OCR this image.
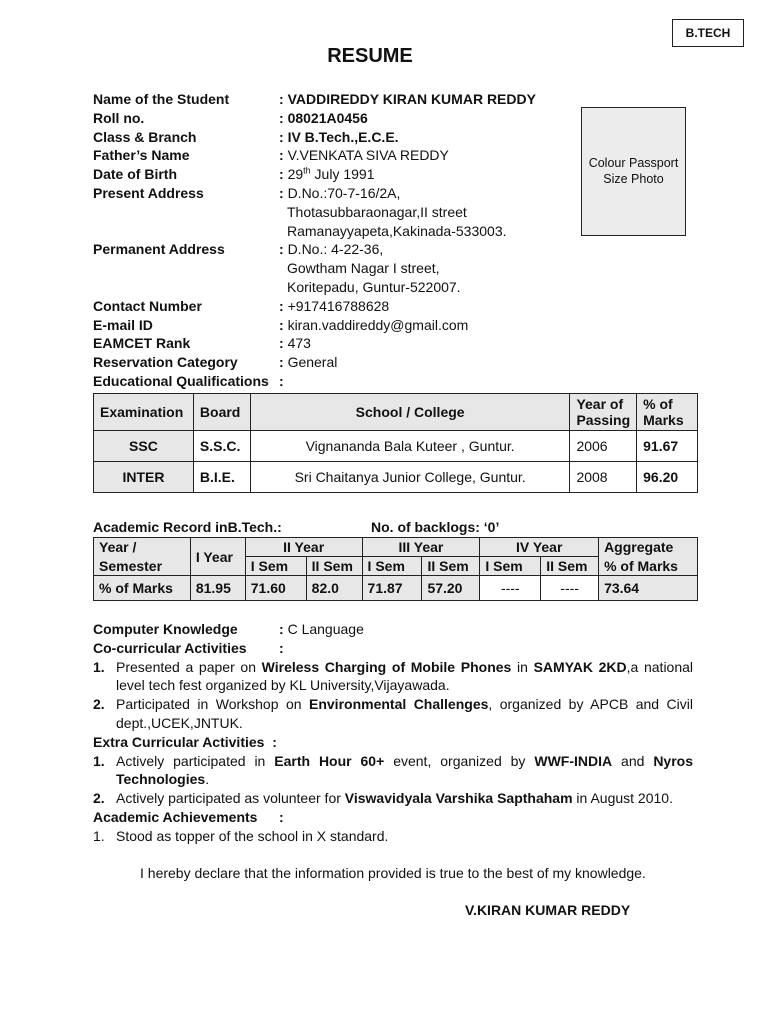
B.TECH
RESUME
Name of the Student	: VADDIREDDY KIRAN KUMAR REDDY
Roll no.	: 08021A0456
Class & Branch	: IV B.Tech.,E.C.E.
Father’s Name	: V.VENKATA SIVA REDDY
Date of Birth	: 29th July 1991
Present Address	: D.No.:70-7-16/2A,
Thotasubbaraonagar,II street
Ramanayyapeta,Kakinada-533003.
Permanent Address	: D.No.: 4-22-36,
Gowtham Nagar I street,
Koritepadu, Guntur-522007.
Contact Number	: +917416788628
E-mail ID	: kiran.vaddireddy@gmail.com
EAMCET Rank	: 473
Reservation Category	: General
Educational Qualifications :
Colour Passport Size Photo
Examination	Board	School / College	Year of Passing	% of Marks
SSC	S.S.C.	Vignananda Bala Kuteer , Guntur.	2006	91.67
INTER	B.I.E.	Sri Chaitanya Junior College, Guntur.	2008	96.20
Academic Record inB.Tech.:	No. of backlogs: ‘0’
Year /	I Year	II Year		III Year		IV Year		Aggregate
Semester		I Sem	II Sem	I Sem	II Sem	I Sem	II Sem	% of Marks
% of Marks	81.95	71.60	82.0	71.87	57.20	----	----	73.64
Computer Knowledge	: C Language
Co-curricular Activities	:
1. Presented a paper on Wireless Charging of Mobile Phones in SAMYAK 2KD,a national level tech fest organized by KL University,Vijayawada.
2. Participated in Workshop on Environmental Challenges, organized by APCB and Civil dept.,UCEK,JNTUK.
Extra Curricular Activities :
1. Actively participated in Earth Hour 60+ event, organized by WWF-INDIA and Nyros Technologies.
2. Actively participated as volunteer for Viswavidyala Varshika Sapthaham in August 2010.
Academic Achievements	:
1. Stood as topper of the school in X standard.
I hereby declare that the information provided is true to the best of my knowledge.
V.KIRAN KUMAR REDDY
